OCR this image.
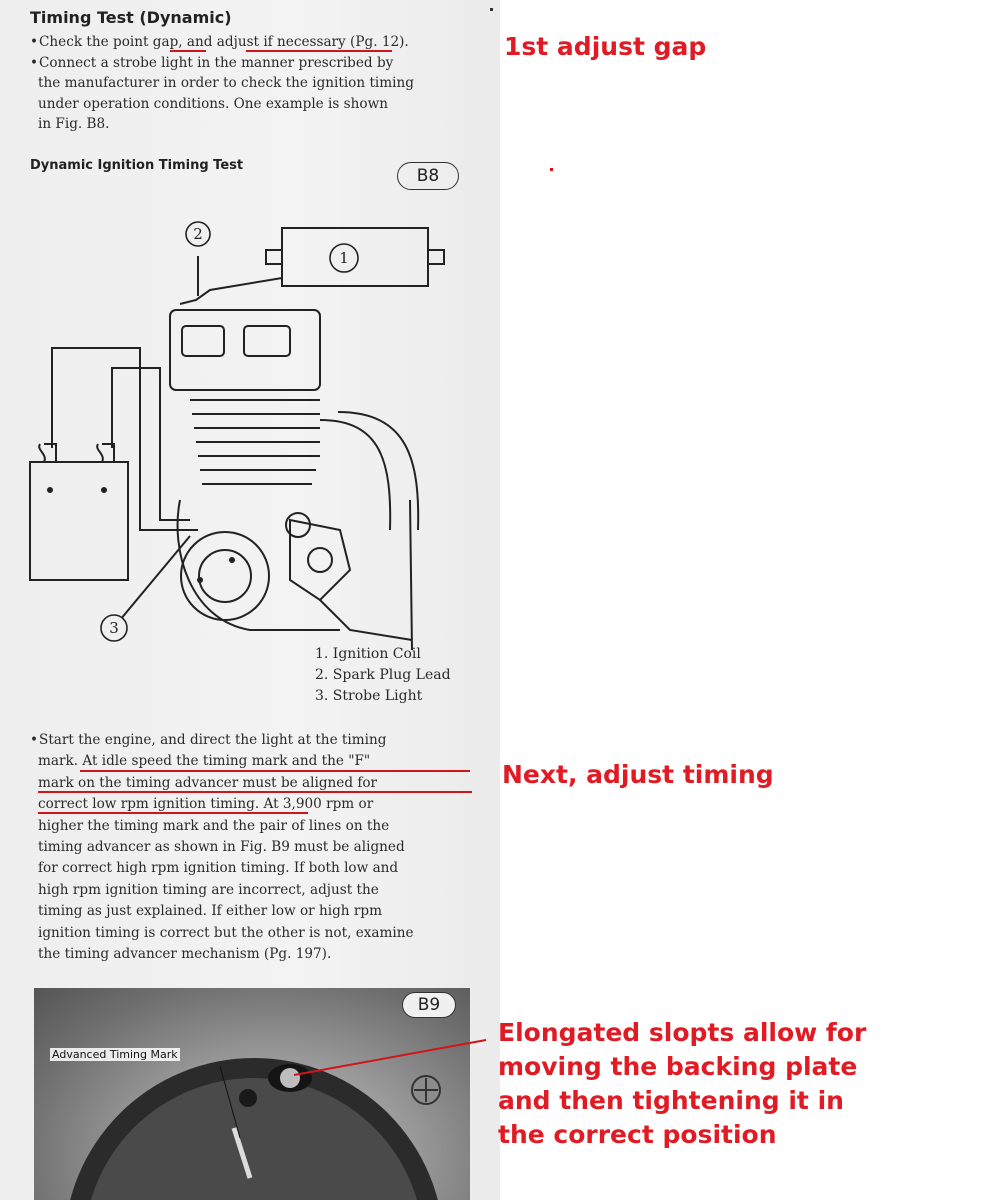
Timing Test (Dynamic)
• Check the point gap, and adjust if necessary (Pg. 12).
• Connect a strobe light in the manner prescribed by
the manufacturer in order to check the ignition timing
under operation conditions. One example is shown
in Fig. B8.
Dynamic Ignition Timing Test
B8
1
2
3
1. Ignition Coil
2. Spark Plug Lead
3. Strobe Light
• Start the engine, and direct the light at the timing
mark. At idle speed the timing mark and the "F"
mark on the timing advancer must be aligned for
correct low rpm ignition timing. At 3,900 rpm or
higher the timing mark and the pair of lines on the
timing advancer as shown in Fig. B9 must be aligned
for correct high rpm ignition timing. If both low and
high rpm ignition timing are incorrect, adjust the
timing as just explained. If either low or high rpm
ignition timing is correct but the other is not, examine
the timing advancer mechanism (Pg. 197).
Advanced Timing Mark
B9

1st adjust gap

Next, adjust timing

Elongated slopts allow for
moving the backing plate
and then tightening it in
the correct position
